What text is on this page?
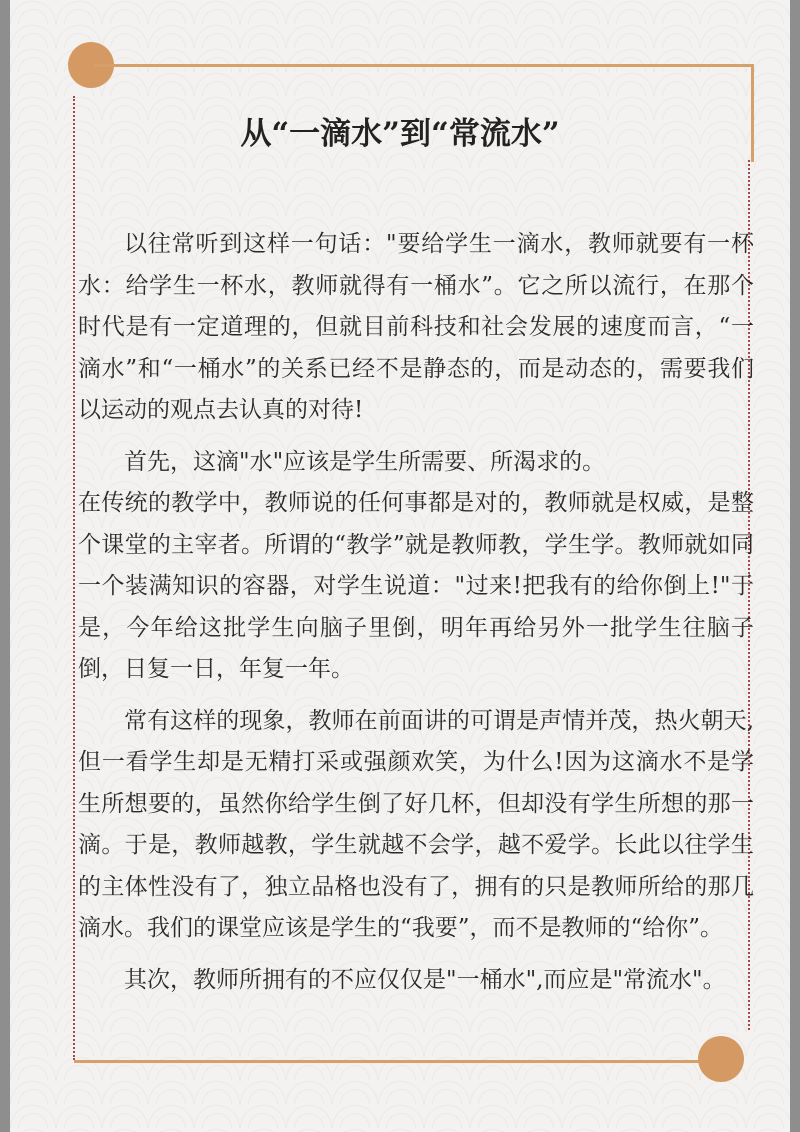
从“一滴水”到“常流水”

以往常听到这样一句话："要给学生一滴水，教师就要有一杯水：给学生一杯水，教师就得有一桶水”。它之所以流行，在那个时代是有一定道理的，但就目前科技和社会发展的速度而言，“一滴水”和“一桶水”的关系已经不是静态的，而是动态的，需要我们以运动的观点去认真的对待!

首先，这滴"水"应该是学生所需要、所渴求的。

在传统的教学中，教师说的任何事都是对的，教师就是权威，是整个课堂的主宰者。所谓的“教学”就是教师教，学生学。教师就如同一个装满知识的容器，对学生说道："过来!把我有的给你倒上!"于是，今年给这批学生向脑子里倒，明年再给另外一批学生往脑子倒，日复一日，年复一年。

常有这样的现象，教师在前面讲的可谓是声情并茂，热火朝天,但一看学生却是无精打采或强颜欢笑，为什么!因为这滴水不是学生所想要的，虽然你给学生倒了好几杯，但却没有学生所想的那一滴。于是，教师越教，学生就越不会学，越不爱学。长此以往学生的主体性没有了，独立品格也没有了，拥有的只是教师所给的那几滴水。我们的课堂应该是学生的“我要”，而不是教师的“给你”。

其次，教师所拥有的不应仅仅是"一桶水",而应是"常流水"。
